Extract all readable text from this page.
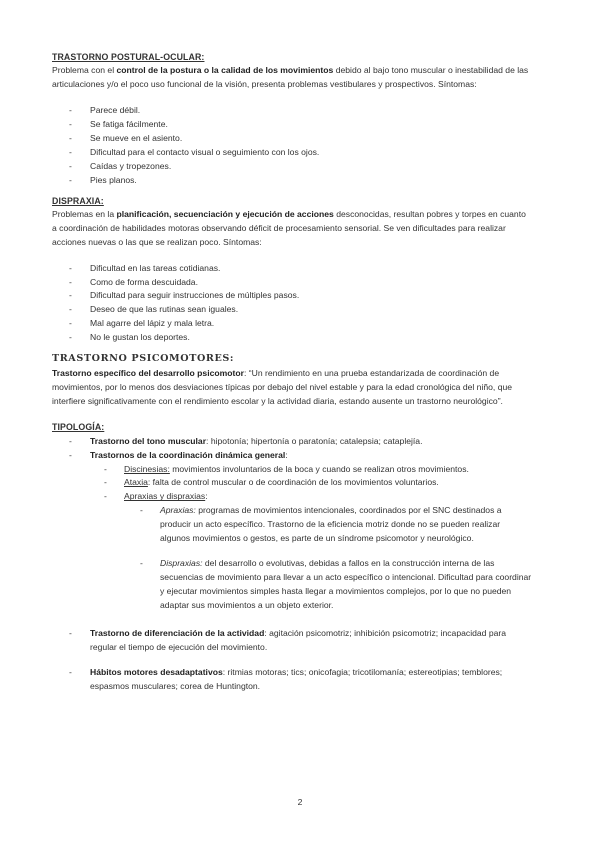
TRASTORNO POSTURAL-OCULAR:

Problema con el control de la postura o la calidad de los movimientos debido al bajo tono muscular o inestabilidad de las articulaciones y/o el poco uso funcional de la visión, presenta problemas vestibulares y prospectivos. Síntomas:

- Parece débil.
- Se fatiga fácilmente.
- Se mueve en el asiento.
- Dificultad para el contacto visual o seguimiento con los ojos.
- Caídas y tropezones.
- Pies planos.
DISPRAXIA:

Problemas en la planificación, secuenciación y ejecución de acciones desconocidas, resultan pobres y torpes en cuanto a coordinación de habilidades motoras observando déficit de procesamiento sensorial. Se ven dificultades para realizar acciones nuevas o las que se realizan poco. Síntomas:

- Dificultad en las tareas cotidianas.
- Como de forma descuidada.
- Dificultad para seguir instrucciones de múltiples pasos.
- Deseo de que las rutinas sean iguales.
- Mal agarre del lápiz y mala letra.
- No le gustan los deportes.
TRASTORNO PSICOMOTORES:

Trastorno específico del desarrollo psicomotor: “Un rendimiento en una prueba estandarizada de coordinación de movimientos, por lo menos dos desviaciones típicas por debajo del nivel estable y para la edad cronológica del niño, que interfiere significativamente con el rendimiento escolar y la actividad diaria, estando ausente un trastorno neurológico”.

TIPOLOGÍA:
- Trastorno del tono muscular: hipotonía; hipertonía o paratonía; catalepsia; cataplejía.
- Trastornos de la coordinación dinámica general:
- Discinesias: movimientos involuntarios de la boca y cuando se realizan otros movimientos.
- Ataxia: falta de control muscular o de coordinación de los movimientos voluntarios.
- Apraxias y dispraxias:
- Apraxias: programas de movimientos intencionales, coordinados por el SNC destinados a producir un acto específico. Trastorno de la eficiencia motriz donde no se pueden realizar algunos movimientos o gestos, es parte de un síndrome psicomotor y neurológico.
- Dispraxias: del desarrollo o evolutivas, debidas a fallos en la construcción interna de las secuencias de movimiento para llevar a un acto específico o intencional. Dificultad para coordinar y ejecutar movimientos simples hasta llegar a movimientos complejos, por lo que no pueden adaptar sus movimientos a un objeto exterior.
- Trastorno de diferenciación de la actividad: agitación psicomotriz; inhibición psicomotriz; incapacidad para regular el tiempo de ejecución del movimiento.
- Hábitos motores desadaptativos: ritmias motoras; tics; onicofagia; tricotilomanía; estereotipias; temblores; espasmos musculares; corea de Huntington.
2
